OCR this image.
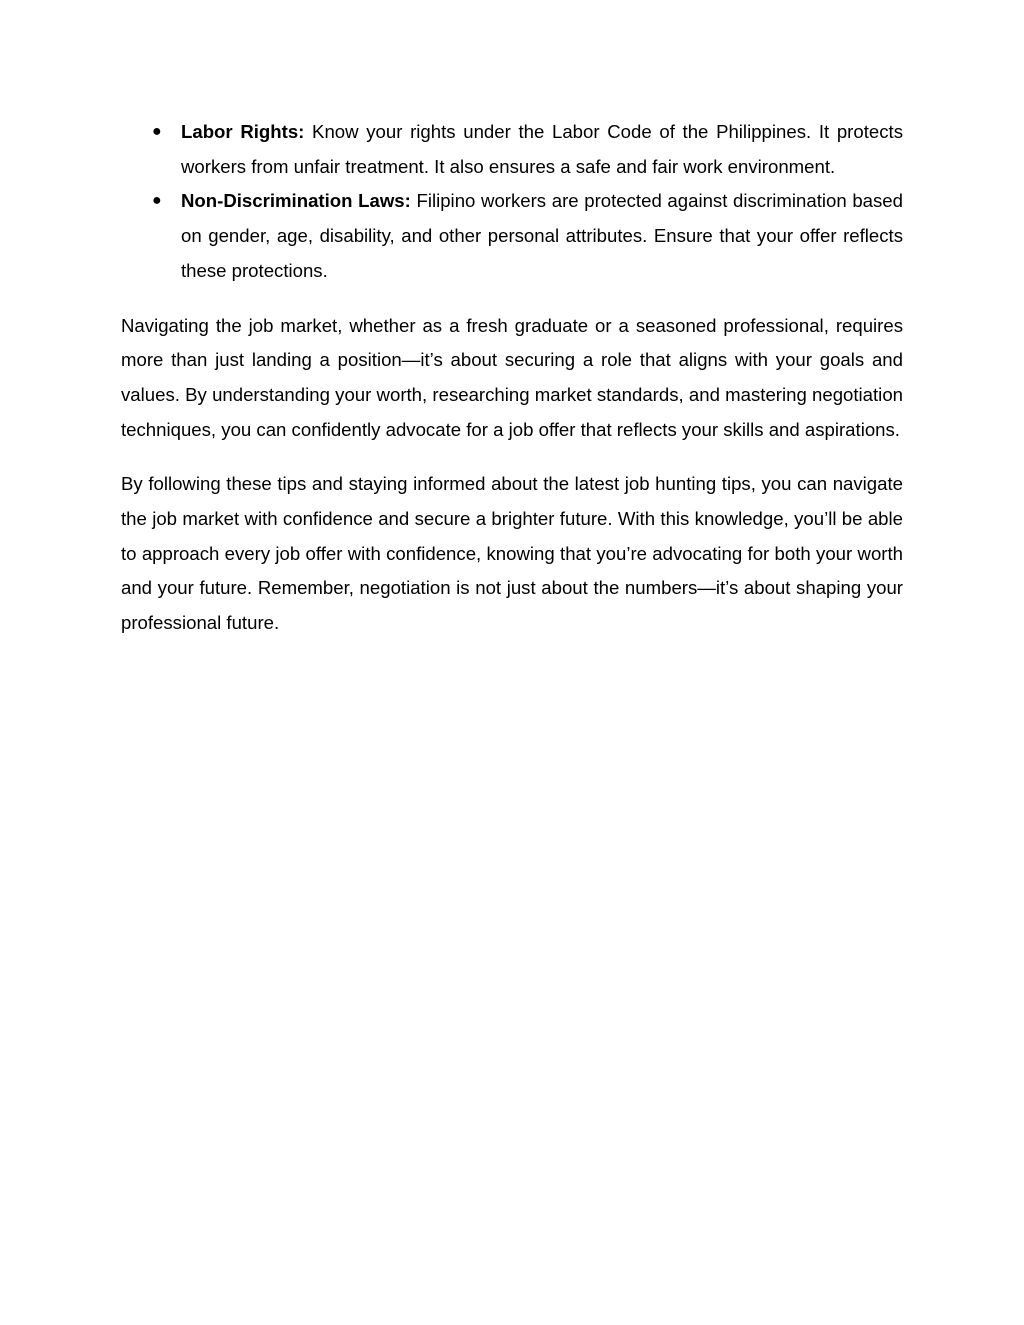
● Labor Rights: Know your rights under the Labor Code of the Philippines. It protects workers from unfair treatment. It also ensures a safe and fair work environment.
● Non-Discrimination Laws: Filipino workers are protected against discrimination based on gender, age, disability, and other personal attributes. Ensure that your offer reflects these protections.

Navigating the job market, whether as a fresh graduate or a seasoned professional, requires more than just landing a position—it’s about securing a role that aligns with your goals and values. By understanding your worth, researching market standards, and mastering negotiation techniques, you can confidently advocate for a job offer that reflects your skills and aspirations.

By following these tips and staying informed about the latest job hunting tips, you can navigate the job market with confidence and secure a brighter future. With this knowledge, you’ll be able to approach every job offer with confidence, knowing that you’re advocating for both your worth and your future. Remember, negotiation is not just about the numbers—it’s about shaping your professional future.
